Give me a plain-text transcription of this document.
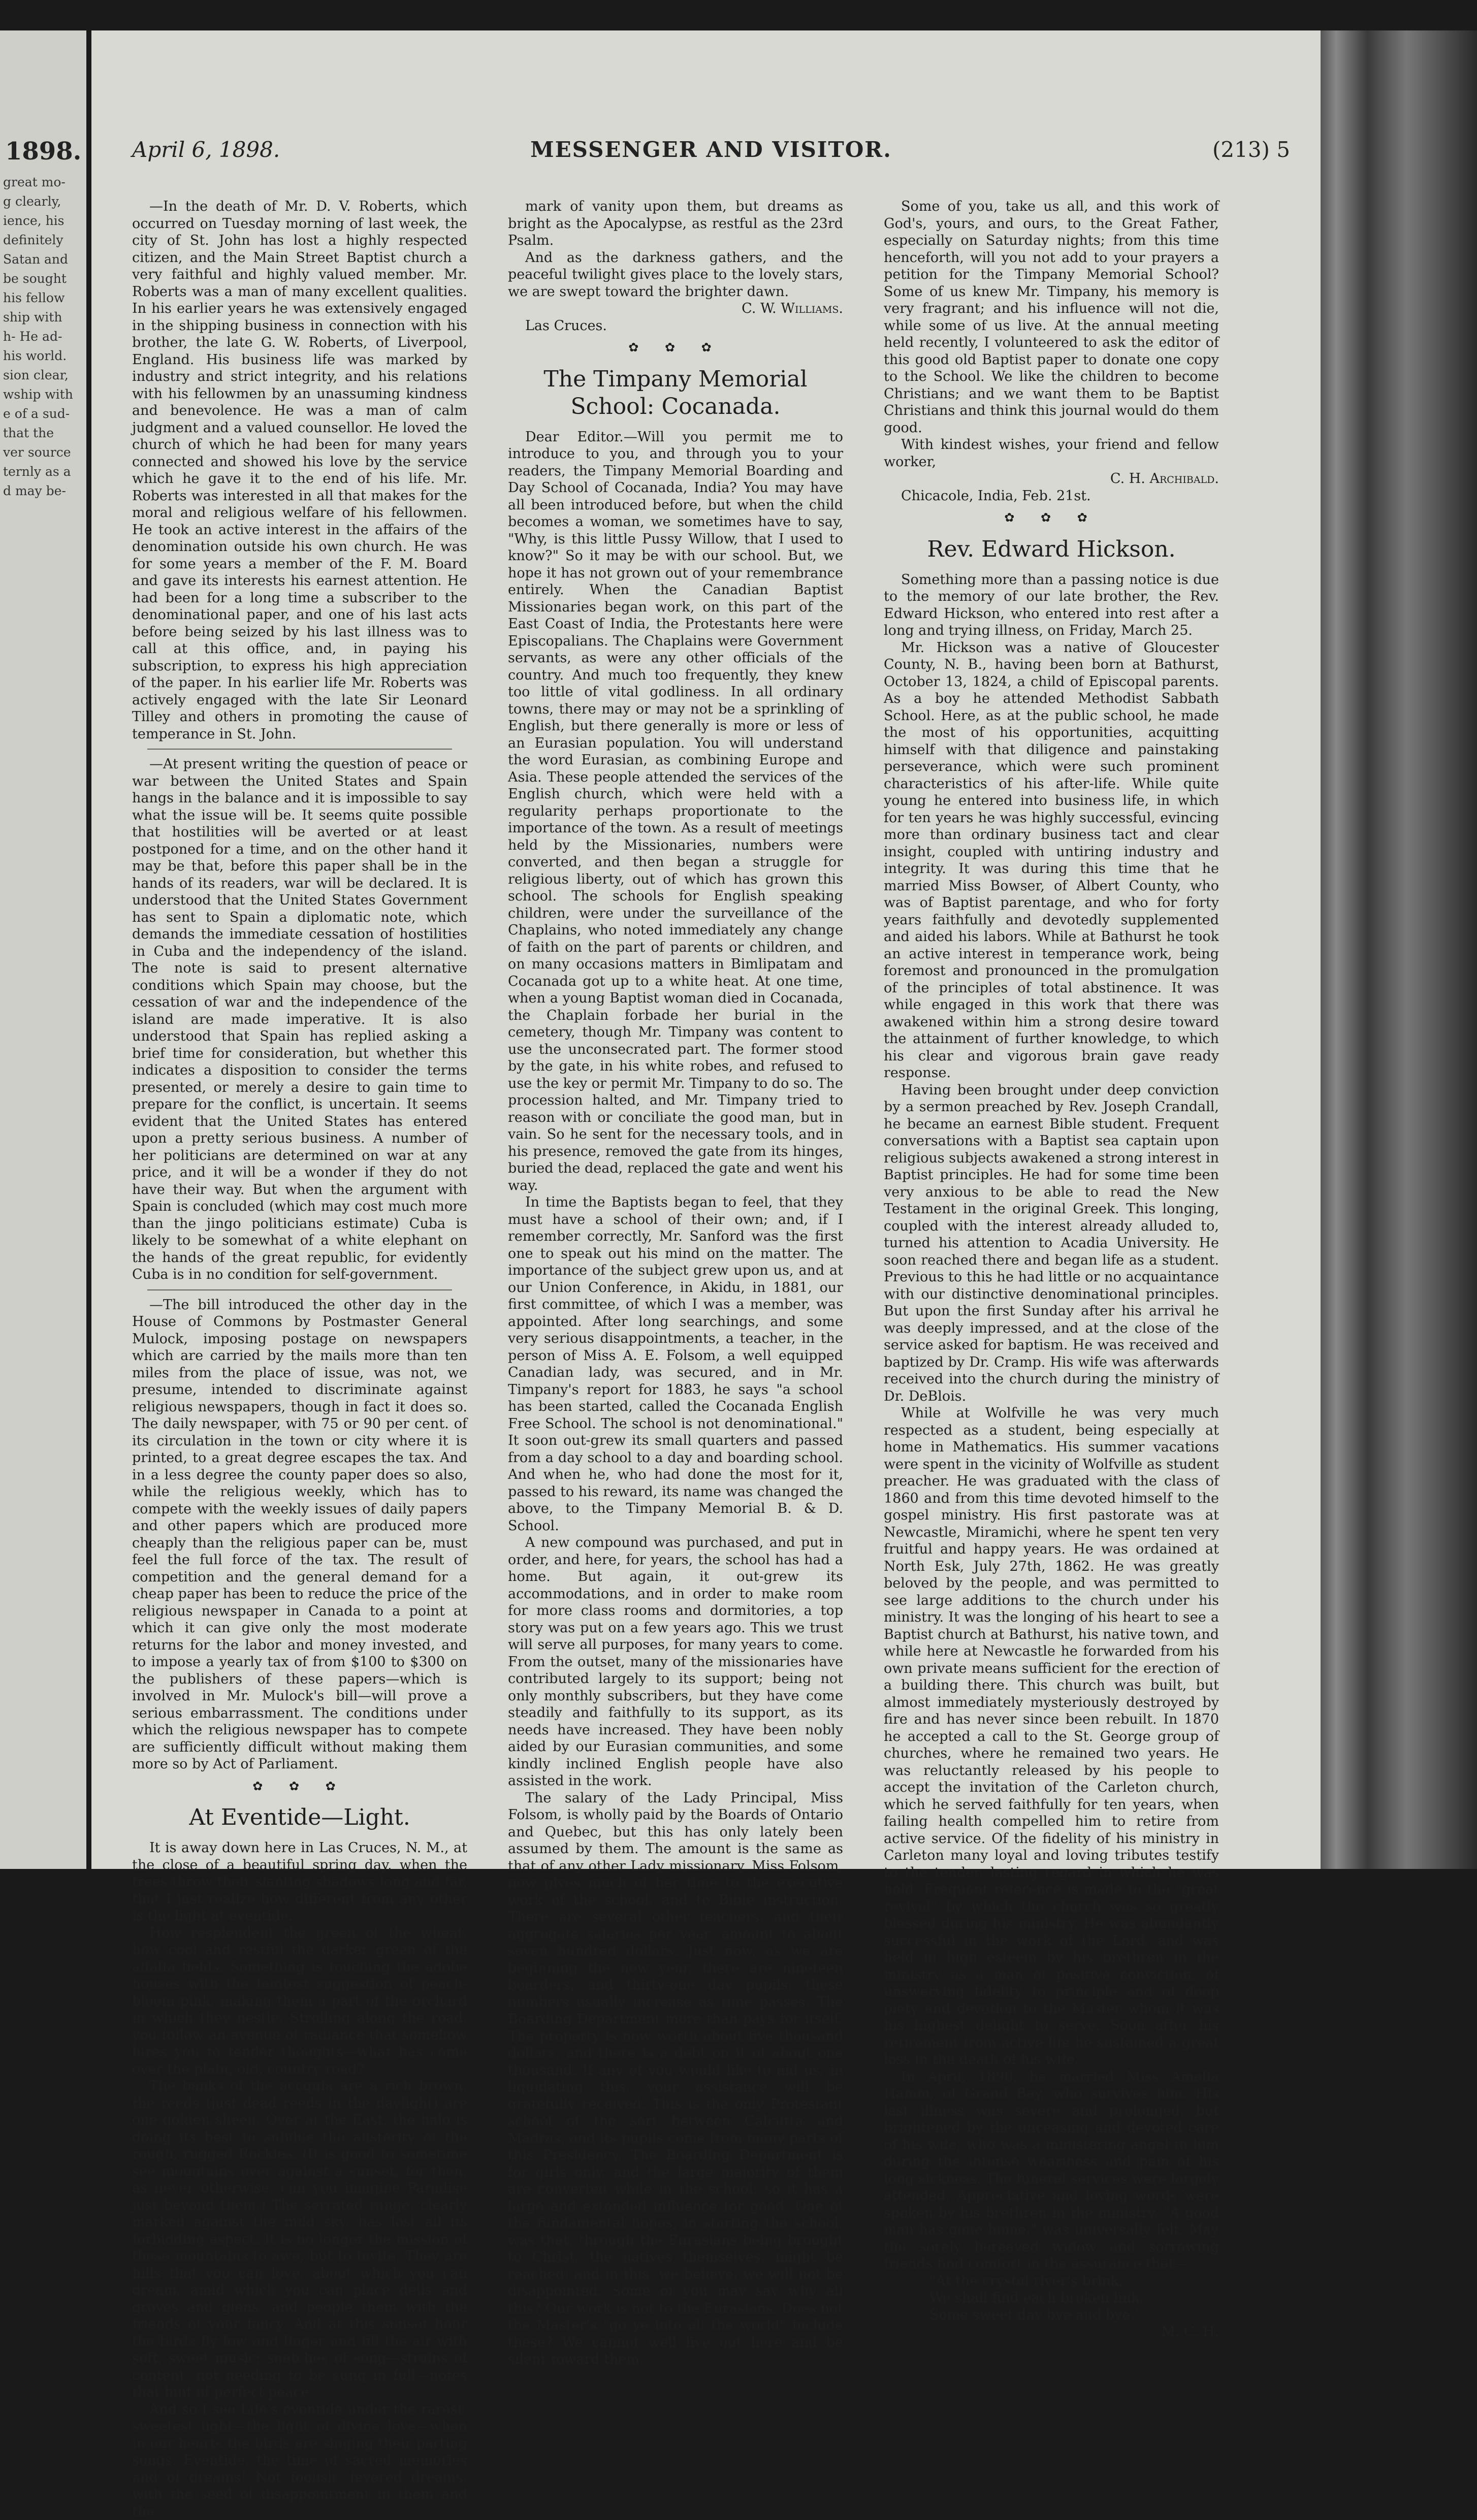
1898.
great mo-
g clearly,
ience, his
definitely
Satan and
be sought
his fellow
ship with
h- He ad-
his world.
sion clear,
wship with
e of a sud-
that the
ver source
ternly as a
d may be-
April 6, 1898.	MESSENGER AND VISITOR.	(213) 5

—In the death of Mr. D. V. Roberts, which occurred on Tuesday morning of last week, the city of St. John has lost a highly respected citizen, and the Main Street Baptist church a very faithful and highly valued member. Mr. Roberts was a man of many excellent qualities. In his earlier years he was extensively engaged in the shipping business in connection with his brother, the late G. W. Roberts, of Liverpool, England. His business life was marked by industry and strict integrity, and his relations with his fellowmen by an unassuming kindness and benevolence. He was a man of calm judgment and a valued counsellor. He loved the church of which he had been for many years connected and showed his love by the service which he gave it to the end of his life. Mr. Roberts was interested in all that makes for the moral and religious welfare of his fellowmen. He took an active interest in the affairs of the denomination outside his own church. He was for some years a member of the F. M. Board and gave its interests his earnest attention. He had been for a long time a subscriber to the denominational paper, and one of his last acts before being seized by his last illness was to call at this office, and, in paying his subscription, to express his high appreciation of the paper. In his earlier life Mr. Roberts was actively engaged with the late Sir Leonard Tilley and others in promoting the cause of temperance in St. John.

—At present writing the question of peace or war between the United States and Spain hangs in the balance and it is impossible to say what the issue will be. It seems quite possible that hostilities will be averted or at least postponed for a time, and on the other hand it may be that, before this paper shall be in the hands of its readers, war will be declared. It is understood that the United States Government has sent to Spain a diplomatic note, which demands the immediate cessation of hostilities in Cuba and the independency of the island. The note is said to present alternative conditions which Spain may choose, but the cessation of war and the independence of the island are made imperative. It is also understood that Spain has replied asking a brief time for consideration, but whether this indicates a disposition to consider the terms presented, or merely a desire to gain time to prepare for the conflict, is uncertain. It seems evident that the United States has entered upon a pretty serious business. A number of her politicians are determined on war at any price, and it will be a wonder if they do not have their way. But when the argument with Spain is concluded (which may cost much more than the jingo politicians estimate) Cuba is likely to be somewhat of a white elephant on the hands of the great republic, for evidently Cuba is in no condition for self-government.

—The bill introduced the other day in the House of Commons by Postmaster General Mulock, imposing postage on newspapers which are carried by the mails more than ten miles from the place of issue, was not, we presume, intended to discriminate against religious newspapers, though in fact it does so. The daily newspaper, with 75 or 90 per cent. of its circulation in the town or city where it is printed, to a great degree escapes the tax. And in a less degree the county paper does so also, while the religious weekly, which has to compete with the weekly issues of daily papers and other papers which are produced more cheaply than the religious paper can be, must feel the full force of the tax. The result of competition and the general demand for a cheap paper has been to reduce the price of the religious newspaper in Canada to a point at which it can give only the most moderate returns for the labor and money invested, and to impose a yearly tax of from $100 to $300 on the publishers of these papers—which is involved in Mr. Mulock's bill—will prove a serious embarrassment. The conditions under which the religious newspaper has to compete are sufficiently difficult without making them more so by Act of Parliament.

✿ ✿ ✿
At Eventide—Light.

It is away down here in Las Cruces, N. M., at the close of a beautiful spring day, when the trees throw their slanting shadows long and far, that I just realize how different from any other is the light at eventide.

How resplendent the green of the wheat, how cool and restful the darker green of the alfalfa fields. Something is touching the adobe houses with the faintest suggestion of peach-bloom pink, making them a part of the orchard in which they nestle. Strolling along the road, you follow an avenue of radiance that somehow lures you to tender thoughts—what has come over the plain, old, country road?

The banks of the accquia are a rich brown, the reeds (just dead reeds in the daylight) are one golden sheen. Over at the East, the halo is doing its best to subdue the austerity of the rough, rugged Rockies. (It is good to sometime see mountains over against a sunset, for then, as never otherwise, can you imagine Paradise just beyond them.) The serrated range, clearly marked against the mild sky, has lost all its forbidding aspect. It is no longer the mission of these mountains to awe, but to invite. They are hills that you can love, about which you can dream, amid which you can place dells and groves and glens, and people them with the friends of your fancy. And at this sunset hour the birds fly low and linger and fill the air with soft, sweet music; snatches of song—strains of content, not needing to be sung in full—notes that hint of perfect peace.

And so I see Life's eventide under the rarest, sweetest light—the light of divine love—when in our hearts the birds are singing their parting songs. Eventide, the time of sacred memories and of dreams! Not foolish, fevered dreams, with the seed of disappointment in them and the

mark of vanity upon them, but dreams as bright as the Apocalypse, as restful as the 23rd Psalm.

And as the darkness gathers, and the peaceful twilight gives place to the lovely stars, we are swept toward the brighter dawn.

C. W. Williams.

Las Cruces.

✿ ✿ ✿
The Timpany Memorial School: Cocanada.

Dear Editor.—Will you permit me to introduce to you, and through you to your readers, the Timpany Memorial Boarding and Day School of Cocanada, India? You may have all been introduced before, but when the child becomes a woman, we sometimes have to say, "Why, is this little Pussy Willow, that I used to know?" So it may be with our school. But, we hope it has not grown out of your remembrance entirely. When the Canadian Baptist Missionaries began work, on this part of the East Coast of India, the Protestants here were Episcopalians. The Chaplains were Government servants, as were any other officials of the country. And much too frequently, they knew too little of vital godliness. In all ordinary towns, there may or may not be a sprinkling of English, but there generally is more or less of an Eurasian population. You will understand the word Eurasian, as combining Europe and Asia. These people attended the services of the English church, which were held with a regularity perhaps proportionate to the importance of the town. As a result of meetings held by the Missionaries, numbers were converted, and then began a struggle for religious liberty, out of which has grown this school. The schools for English speaking children, were under the surveillance of the Chaplains, who noted immediately any change of faith on the part of parents or children, and on many occasions matters in Bimlipatam and Cocanada got up to a white heat. At one time, when a young Baptist woman died in Cocanada, the Chaplain forbade her burial in the cemetery, though Mr. Timpany was content to use the unconsecrated part. The former stood by the gate, in his white robes, and refused to use the key or permit Mr. Timpany to do so. The procession halted, and Mr. Timpany tried to reason with or conciliate the good man, but in vain. So he sent for the necessary tools, and in his presence, removed the gate from its hinges, buried the dead, replaced the gate and went his way.

In time the Baptists began to feel, that they must have a school of their own; and, if I remember correctly, Mr. Sanford was the first one to speak out his mind on the matter. The importance of the subject grew upon us, and at our Union Conference, in Akidu, in 1881, our first committee, of which I was a member, was appointed. After long searchings, and some very serious disappointments, a teacher, in the person of Miss A. E. Folsom, a well equipped Canadian lady, was secured, and in Mr. Timpany's report for 1883, he says "a school has been started, called the Cocanada English Free School. The school is not denominational." It soon out-grew its small quarters and passed from a day school to a day and boarding school. And when he, who had done the most for it, passed to his reward, its name was changed the above, to the Timpany Memorial B. & D. School.

A new compound was purchased, and put in order, and here, for years, the school has had a home. But again, it out-grew its accommodations, and in order to make room for more class rooms and dormitories, a top story was put on a few years ago. This we trust will serve all purposes, for many years to come. From the outset, many of the missionaries have contributed largely to its support; being not only monthly subscribers, but they have come steadily and faithfully to its support, as its needs have increased. They have been nobly aided by our Eurasian communities, and some kindly inclined English people have also assisted in the work.

The salary of the Lady Principal, Miss Folsom, is wholly paid by the Boards of Ontario and Quebec, but this has only lately been assumed by them. The amount is the same as that of any other Lady missionary. Miss Folsom, now gives much of her time to the executive work of the school, and to Bible instruction. There are several other teachers, and their aggregate salaries per year, amount to about seven hundred dollars. Just now, as we are beginning the new year, there are nineteen boarders, and thirty-one day pupils; these numbers usually increase as time passes. The Boarding Department more than pays for itself. The property is now worth about five thousand dollars, and there is a debt on it of about one thousand. If any of you would like to aid us, in liquidating this, your assistance will be gratefully received. This is the only Protestant school of the sort between Calcutta and Madras, and its pupils come from many parts of this Presidency. The Boarding Department is for girls only, and the large majority of them are converted while in the school; so it has a large and extended influence for good. One of the fundamental hopes, in starting the school, was that, through the Eurasians being brought to Christ, the natives themselves, might be reached; and in this, we believe, we will not be disappointed. Some of you may say why all this? Our work is not to the Eurasians. Does not the Master's "go ye into all the world" include these? We cannot well live out here and be silent toward them.

Some of you, take us all, and this work of God's, yours, and ours, to the Great Father, especially on Saturday nights; from this time henceforth, will you not add to your prayers a petition for the Timpany Memorial School? Some of us knew Mr. Timpany, his memory is very fragrant; and his influence will not die, while some of us live. At the annual meeting held recently, I volunteered to ask the editor of this good old Baptist paper to donate one copy to the School. We like the children to become Christians; and we want them to be Baptist Christians and think this journal would do them good.

With kindest wishes, your friend and fellow worker,

C. H. Archibald.

Chicacole, India, Feb. 21st.

✿ ✿ ✿
Rev. Edward Hickson.

Something more than a passing notice is due to the memory of our late brother, the Rev. Edward Hickson, who entered into rest after a long and trying illness, on Friday, March 25.

Mr. Hickson was a native of Gloucester County, N. B., having been born at Bathurst, October 13, 1824, a child of Episcopal parents. As a boy he attended Methodist Sabbath School. Here, as at the public school, he made the most of his opportunities, acquitting himself with that diligence and painstaking perseverance, which were such prominent characteristics of his after-life. While quite young he entered into business life, in which for ten years he was highly successful, evincing more than ordinary business tact and clear insight, coupled with untiring industry and integrity. It was during this time that he married Miss Bowser, of Albert County, who was of Baptist parentage, and who for forty years faithfully and devotedly supplemented and aided his labors. While at Bathurst he took an active interest in temperance work, being foremost and pronounced in the promulgation of the principles of total abstinence. It was while engaged in this work that there was awakened within him a strong desire toward the attainment of further knowledge, to which his clear and vigorous brain gave ready response.

Having been brought under deep conviction by a sermon preached by Rev. Joseph Crandall, he became an earnest Bible student. Frequent conversations with a Baptist sea captain upon religious subjects awakened a strong interest in Baptist principles. He had for some time been very anxious to be able to read the New Testament in the original Greek. This longing, coupled with the interest already alluded to, turned his attention to Acadia University. He soon reached there and began life as a student. Previous to this he had little or no acquaintance with our distinctive denominational principles. But upon the first Sunday after his arrival he was deeply impressed, and at the close of the service asked for baptism. He was received and baptized by Dr. Cramp. His wife was afterwards received into the church during the ministry of Dr. DeBlois.

While at Wolfville he was very much respected as a student, being especially at home in Mathematics. His summer vacations were spent in the vicinity of Wolfville as student preacher. He was graduated with the class of 1860 and from this time devoted himself to the gospel ministry. His first pastorate was at Newcastle, Miramichi, where he spent ten very fruitful and happy years. He was ordained at North Esk, July 27th, 1862. He was greatly beloved by the people, and was permitted to see large additions to the church under his ministry. It was the longing of his heart to see a Baptist church at Bathurst, his native town, and while here at Newcastle he forwarded from his own private means sufficient for the erection of a building there. This church was built, but almost immediately mysteriously destroyed by fire and has never since been rebuilt. In 1870 he accepted a call to the St. George group of churches, where he remained two years. He was reluctantly released by his people to accept the invitation of the Carleton church, which he served faithfully for ten years, when failing health compelled him to retire from active service. Of the fidelity of his ministry in Carleton many loyal and loving tributes testify to the tender, lasting regard in which he was held. Frequent reference is made to the "great revival" by which the church was so greatly blessed during his ministry. He was abundantly successful in the work of the Lord, and was held in high esteem by his brethren in the ministry as a man of positive conviction, of unswerving fidelity to principle and of deep piety and devotion to the Master whom it was his highest delight to serve. Soon after his retirement from active life he sustained a great loss in the death of his wife.

In April, 1890, he married Miss Amelia Hamm, of Grand Bay, who survives him. His last illness was severe and prolonged, but brightened by the unceasing and devoted care of his wife, who was a ministering angel to him during the intense weariness and pain of his long sickness. The funeral services were largely attended. Appreciative and loving words were spoken by his brethren in the ministry. "A good man has gone home," was universally felt. May the sorely bereaved widow and sorrowing friends find comfort in the assurance that—

"At the crystal river's brink,
We shall find each broken link,
Some sweet day bye and bye."

M. C. H.
